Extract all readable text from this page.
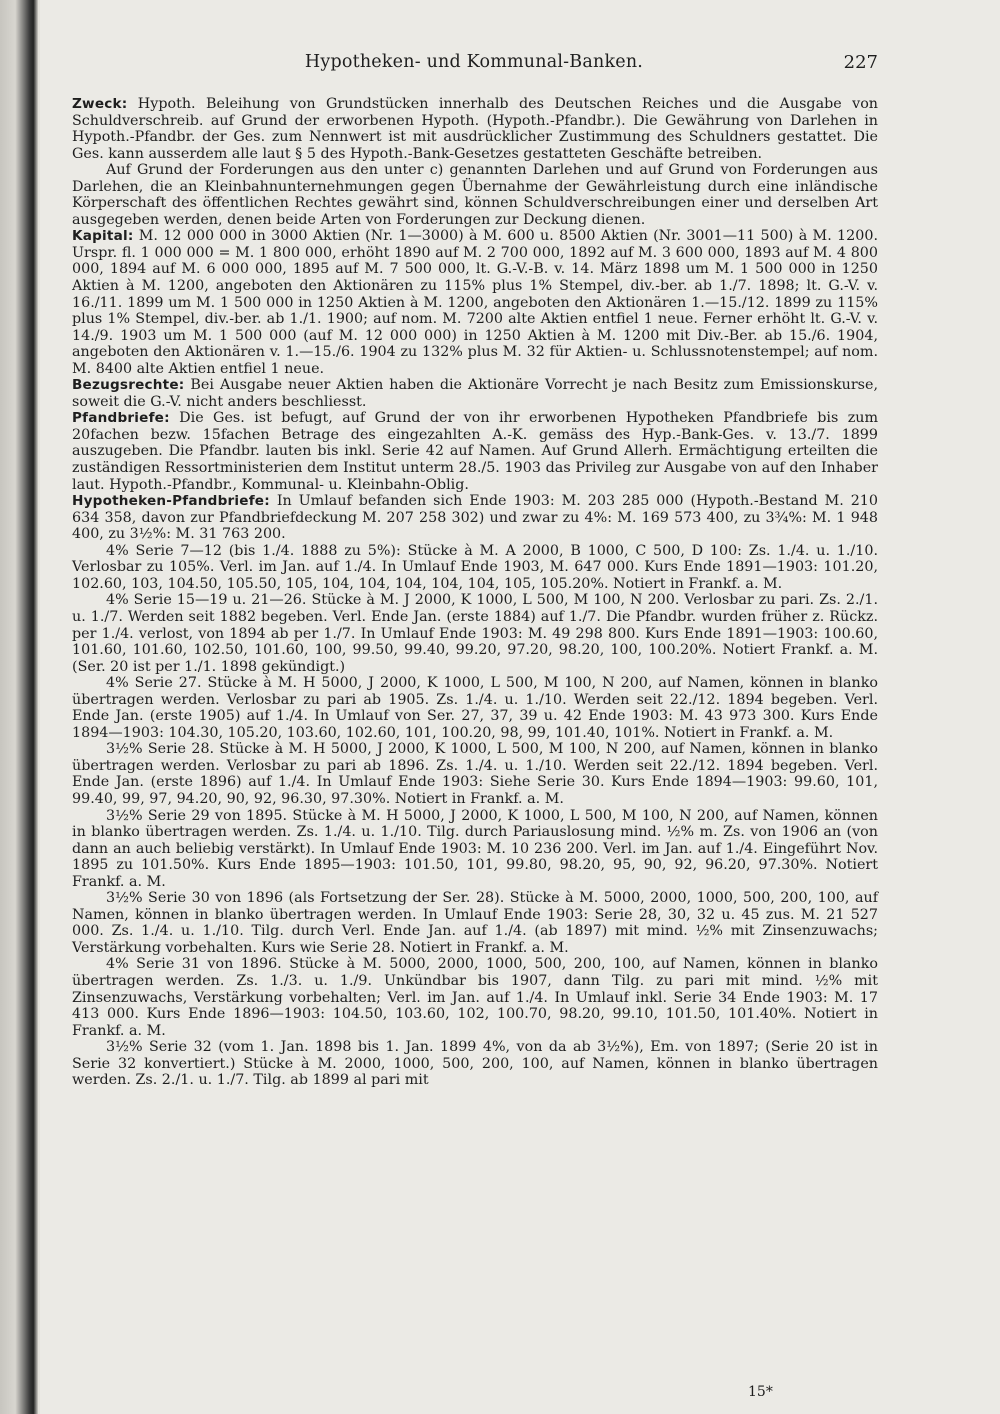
Hypotheken- und Kommunal-Banken.	227

Zweck: Hypoth. Beleihung von Grundstücken innerhalb des Deutschen Reiches und die Ausgabe von Schuldverschreib. auf Grund der erworbenen Hypoth. (Hypoth.-Pfandbr.). Die Gewährung von Darlehen in Hypoth.-Pfandbr. der Ges. zum Nennwert ist mit ausdrücklicher Zustimmung des Schuldners gestattet. Die Ges. kann ausserdem alle laut § 5 des Hypoth.-Bank-Gesetzes gestatteten Geschäfte betreiben.

Auf Grund der Forderungen aus den unter c) genannten Darlehen und auf Grund von Forderungen aus Darlehen, die an Kleinbahnunternehmungen gegen Übernahme der Gewährleistung durch eine inländische Körperschaft des öffentlichen Rechtes gewährt sind, können Schuldverschreibungen einer und derselben Art ausgegeben werden, denen beide Arten von Forderungen zur Deckung dienen.

Kapital: M. 12 000 000 in 3000 Aktien (Nr. 1—3000) à M. 600 u. 8500 Aktien (Nr. 3001—11 500) à M. 1200. Urspr. fl. 1 000 000 = M. 1 800 000, erhöht 1890 auf M. 2 700 000, 1892 auf M. 3 600 000, 1893 auf M. 4 800 000, 1894 auf M. 6 000 000, 1895 auf M. 7 500 000, lt. G.-V.-B. v. 14. März 1898 um M. 1 500 000 in 1250 Aktien à M. 1200, angeboten den Aktionären zu 115% plus 1% Stempel, div.-ber. ab 1./7. 1898; lt. G.-V. v. 16./11. 1899 um M. 1 500 000 in 1250 Aktien à M. 1200, angeboten den Aktionären 1.—15./12. 1899 zu 115% plus 1% Stempel, div.-ber. ab 1./1. 1900; auf nom. M. 7200 alte Aktien entfiel 1 neue. Ferner erhöht lt. G.-V. v. 14./9. 1903 um M. 1 500 000 (auf M. 12 000 000) in 1250 Aktien à M. 1200 mit Div.-Ber. ab 15./6. 1904, angeboten den Aktionären v. 1.—15./6. 1904 zu 132% plus M. 32 für Aktien- u. Schlussnotenstempel; auf nom. M. 8400 alte Aktien entfiel 1 neue.

Bezugsrechte: Bei Ausgabe neuer Aktien haben die Aktionäre Vorrecht je nach Besitz zum Emissionskurse, soweit die G.-V. nicht anders beschliesst.

Pfandbriefe: Die Ges. ist befugt, auf Grund der von ihr erworbenen Hypotheken Pfandbriefe bis zum 20fachen bezw. 15fachen Betrage des eingezahlten A.-K. gemäss des Hyp.-Bank-Ges. v. 13./7. 1899 auszugeben. Die Pfandbr. lauten bis inkl. Serie 42 auf Namen. Auf Grund Allerh. Ermächtigung erteilten die zuständigen Ressortministerien dem Institut unterm 28./5. 1903 das Privileg zur Ausgabe von auf den Inhaber laut. Hypoth.-Pfandbr., Kommunal- u. Kleinbahn-Oblig.

Hypotheken-Pfandbriefe: In Umlauf befanden sich Ende 1903: M. 203 285 000 (Hypoth.-Bestand M. 210 634 358, davon zur Pfandbriefdeckung M. 207 258 302) und zwar zu 4%: M. 169 573 400, zu 3¾%: M. 1 948 400, zu 3½%: M. 31 763 200.

4% Serie 7—12 (bis 1./4. 1888 zu 5%): Stücke à M. A 2000, B 1000, C 500, D 100: Zs. 1./4. u. 1./10. Verlosbar zu 105%. Verl. im Jan. auf 1./4. In Umlauf Ende 1903, M. 647 000. Kurs Ende 1891—1903: 101.20, 102.60, 103, 104.50, 105.50, 105, 104, 104, 104, 104, 104, 105, 105.20%. Notiert in Frankf. a. M.

4% Serie 15—19 u. 21—26. Stücke à M. J 2000, K 1000, L 500, M 100, N 200. Verlosbar zu pari. Zs. 2./1. u. 1./7. Werden seit 1882 begeben. Verl. Ende Jan. (erste 1884) auf 1./7. Die Pfandbr. wurden früher z. Rückz. per 1./4. verlost, von 1894 ab per 1./7. In Umlauf Ende 1903: M. 49 298 800. Kurs Ende 1891—1903: 100.60, 101.60, 101.60, 102.50, 101.60, 100, 99.50, 99.40, 99.20, 97.20, 98.20, 100, 100.20%. Notiert Frankf. a. M. (Ser. 20 ist per 1./1. 1898 gekündigt.)

4% Serie 27. Stücke à M. H 5000, J 2000, K 1000, L 500, M 100, N 200, auf Namen, können in blanko übertragen werden. Verlosbar zu pari ab 1905. Zs. 1./4. u. 1./10. Werden seit 22./12. 1894 begeben. Verl. Ende Jan. (erste 1905) auf 1./4. In Umlauf von Ser. 27, 37, 39 u. 42 Ende 1903: M. 43 973 300. Kurs Ende 1894—1903: 104.30, 105.20, 103.60, 102.60, 101, 100.20, 98, 99, 101.40, 101%. Notiert in Frankf. a. M.

3½% Serie 28. Stücke à M. H 5000, J 2000, K 1000, L 500, M 100, N 200, auf Namen, können in blanko übertragen werden. Verlosbar zu pari ab 1896. Zs. 1./4. u. 1./10. Werden seit 22./12. 1894 begeben. Verl. Ende Jan. (erste 1896) auf 1./4. In Umlauf Ende 1903: Siehe Serie 30. Kurs Ende 1894—1903: 99.60, 101, 99.40, 99, 97, 94.20, 90, 92, 96.30, 97.30%. Notiert in Frankf. a. M.

3½% Serie 29 von 1895. Stücke à M. H 5000, J 2000, K 1000, L 500, M 100, N 200, auf Namen, können in blanko übertragen werden. Zs. 1./4. u. 1./10. Tilg. durch Pariauslosung mind. ½% m. Zs. von 1906 an (von dann an auch beliebig verstärkt). In Umlauf Ende 1903: M. 10 236 200. Verl. im Jan. auf 1./4. Eingeführt Nov. 1895 zu 101.50%. Kurs Ende 1895—1903: 101.50, 101, 99.80, 98.20, 95, 90, 92, 96.20, 97.30%. Notiert Frankf. a. M.

3½% Serie 30 von 1896 (als Fortsetzung der Ser. 28). Stücke à M. 5000, 2000, 1000, 500, 200, 100, auf Namen, können in blanko übertragen werden. In Umlauf Ende 1903: Serie 28, 30, 32 u. 45 zus. M. 21 527 000. Zs. 1./4. u. 1./10. Tilg. durch Verl. Ende Jan. auf 1./4. (ab 1897) mit mind. ½% mit Zinsenzuwachs; Verstärkung vorbehalten. Kurs wie Serie 28. Notiert in Frankf. a. M.

4% Serie 31 von 1896. Stücke à M. 5000, 2000, 1000, 500, 200, 100, auf Namen, können in blanko übertragen werden. Zs. 1./3. u. 1./9. Unkündbar bis 1907, dann Tilg. zu pari mit mind. ½% mit Zinsenzuwachs, Verstärkung vorbehalten; Verl. im Jan. auf 1./4. In Umlauf inkl. Serie 34 Ende 1903: M. 17 413 000. Kurs Ende 1896—1903: 104.50, 103.60, 102, 100.70, 98.20, 99.10, 101.50, 101.40%. Notiert in Frankf. a. M.

3½% Serie 32 (vom 1. Jan. 1898 bis 1. Jan. 1899 4%, von da ab 3½%), Em. von 1897; (Serie 20 ist in Serie 32 konvertiert.) Stücke à M. 2000, 1000, 500, 200, 100, auf Namen, können in blanko übertragen werden. Zs. 2./1. u. 1./7. Tilg. ab 1899 al pari mit

15*
